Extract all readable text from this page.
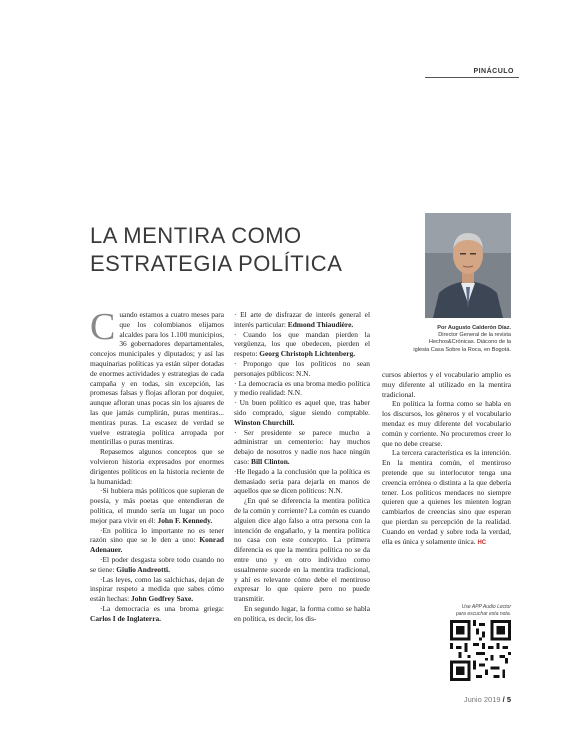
PINÁCULO
LA MENTIRA COMO
ESTRATEGIA POLÍTICA
Por Augusto Calderón Díaz.
Director General de la revista
Hechos&Crónicas. Diácono de la
iglesia Casa Sobre la Roca, en Bogotá.

Cuando estamos a cuatro meses para que los colombianos elijamos alcaldes para los 1.100 municipios, 36 gobernadores departamentales, concejos municipales y diputados; y así las maquinarias políticas ya están súper dotadas de enormes actividades y estrategias de cada campaña y en todas, sin excepción, las promesas falsas y flojas afloran por doquier, aunque afloran unas pocas sin los ajuares de las que jamás cumplirán, puras mentiras... mentiras puras. La escasez de verdad se vuelve estrategia política arropada por mentirillas o puras mentiras.

Repasemos algunos conceptos que se volvieron historia expresados por enormes dirigentes políticos en la historia reciente de la humanidad:

·Si hubiera más políticos que supieran de poesía, y más poetas que entendieran de política, el mundo sería un lugar un poco mejor para vivir en él: John F. Kennedy.

·En política lo importante no es tener razón sino que se le den a uno: Konrad Adenauer.

·El poder desgasta sobre todo cuando no se tiene: Giulio Andreotti.

·Las leyes, como las salchichas, dejan de inspirar respeto a medida que sabes cómo están hechas: John Godfrey Saxe.

·La democracia es una broma griega: Carlos I de Inglaterra.

· El arte de disfrazar de interés general el interés particular: Edmond Thiaudière.

· Cuando los que mandan pierden la vergüenza, los que obedecen, pierden el respeto: Georg Christoph Lichtenberg.

· Propongo que los políticos no sean personajes públicos: N.N.

· La democracia es una broma medio política y medio realidad: N.N.

· Un buen político es aquel que, tras haber sido comprado, sigue siendo comptable. Winston Churchill.

· Ser presidente se parece mucho a administrar un cementerio: hay muchos debajo de nosotros y nadie nos hace ningún caso: Bill Clinton.

·He llegado a la conclusión que la política es demasiado seria para dejarla en manos de aquellos que se dicen políticos: N.N.

¿En qué se diferencia la mentira política de la común y corriente? La común es cuando alguien dice algo falso a otra persona con la intención de engañarlo, y la mentira política no casa con este concepto. La primera diferencia es que la mentira política no se da entre uno y en otro individuo como usualmente sucede en la mentira tradicional, y ahí es relevante cómo debe el mentiroso expresar lo que quiere pero no puede transmitir.

En segundo lugar, la forma como se habla en política, es decir, los dis-

cursos abiertos y el vocabulario amplio es muy diferente al utilizado en la mentira tradicional.

En política la forma como se habla en los discursos, los géneros y el vocabulario mendaz es muy diferente del vocabulario común y corriente. No procuremos creer lo que no debe crearse.

La tercera característica es la intención. En la mentira común, el mentiroso pretende que su interlocutor tenga una creencia errónea o distinta a la que debería tener. Los políticos mendaces no siempre quieren que a quienes les mienten logran cambiarlos de creencias sino que esperan que pierdan su percepción de la realidad. Cuando en verdad y sobre toda la verdad, ella es única y solamente única. HC

Use APP Audio Lector
para escuchar esta nota.
Junio 2019 / 5
